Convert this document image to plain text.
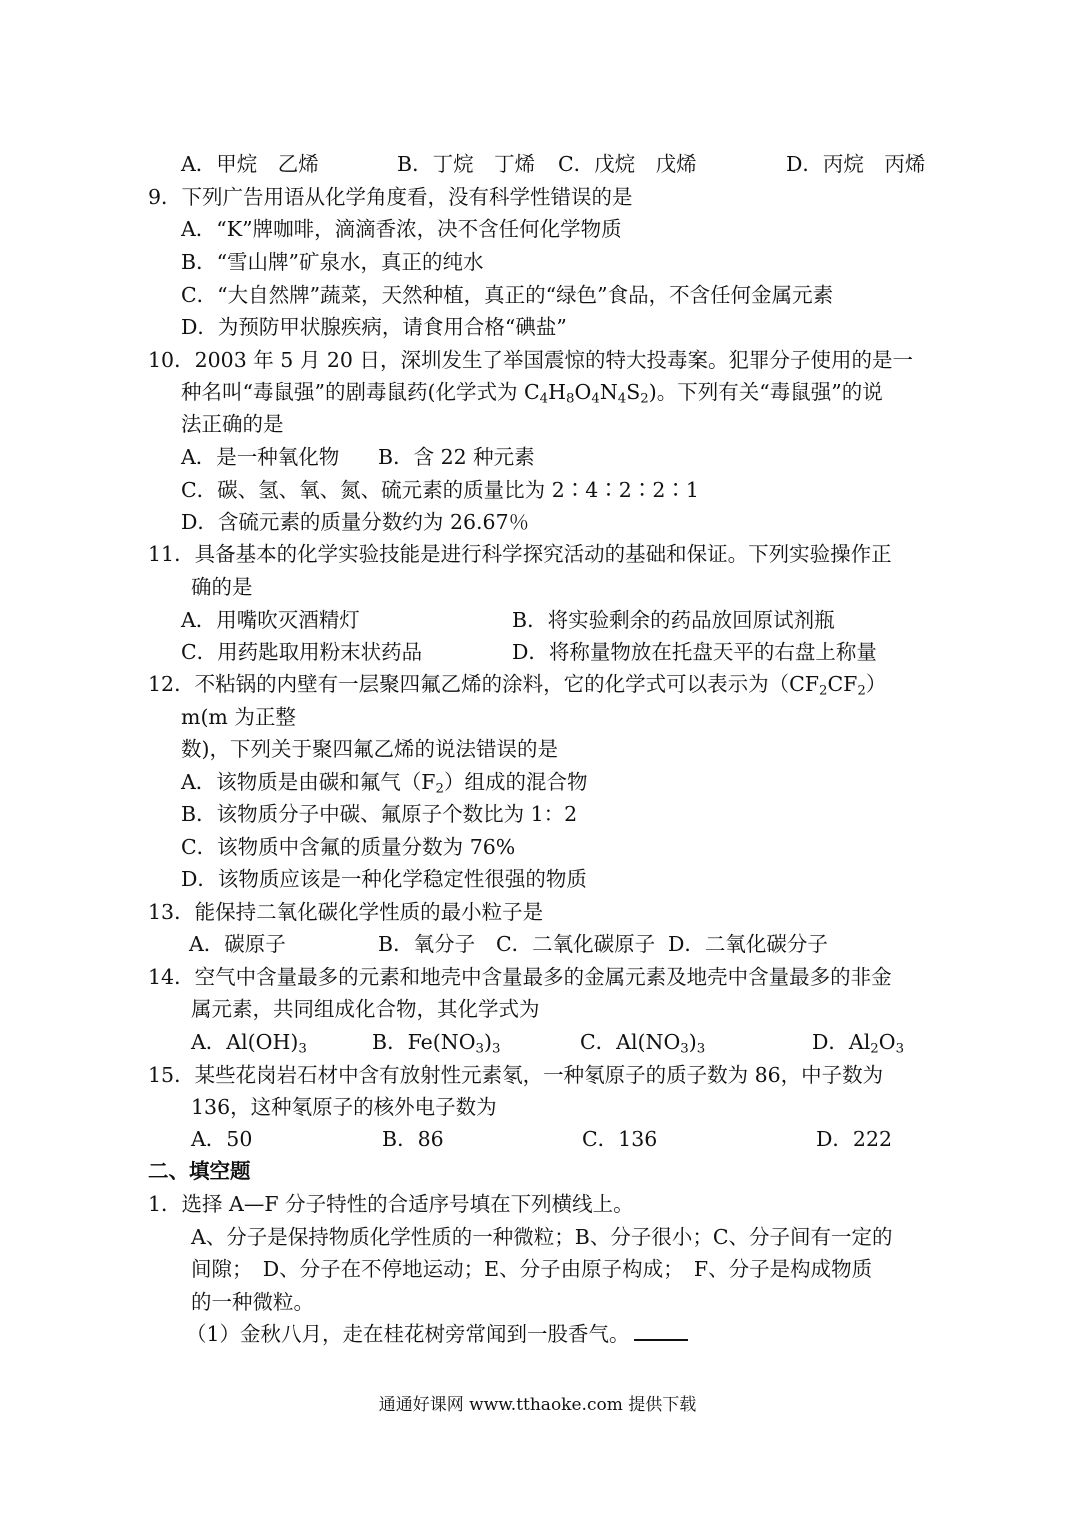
A．甲烷　乙烯	B．丁烷　丁烯 C．戊烷　戊烯	D．丙烷　丙烯
9．下列广告用语从化学角度看，没有科学性错误的是
A．“K”牌咖啡，滴滴香浓，决不含任何化学物质
B．“雪山牌”矿泉水，真正的纯水
C．“大自然牌”蔬菜，天然种植，真正的“绿色”食品，不含任何金属元素
D．为预防甲状腺疾病，请食用合格“碘盐”
10．2003 年 5 月 20 日，深圳发生了举国震惊的特大投毒案。犯罪分子使用的是一
种名叫“毒鼠强”的剧毒鼠药(化学式为 $C_4H_8O_4N_4S_2$)。下列有关“毒鼠强”的说
法正确的是
A．是一种氧化物 B．含 22 种元素
C．碳、氢、氧、氮、硫元素的质量比为 2∶4∶2∶2∶1
D．含硫元素的质量分数约为 26.67％
11．具备基本的化学实验技能是进行科学探究活动的基础和保证。下列实验操作正
确的是
A．用嘴吹灭酒精灯	B．将实验剩余的药品放回原试剂瓶
C．用药匙取用粉末状药品	D．将称量物放在托盘天平的右盘上称量
12．不粘锅的内壁有一层聚四氟乙烯的涂料，它的化学式可以表示为$(CF_2CF_2)$
m(m 为正整
数)，下列关于聚四氟乙烯的说法错误的是
A．该物质是由碳和氟气$(F_2)$组成的混合物
B．该物质分子中碳、氟原子个数比为 1：2
C．该物质中含氟的质量分数为 76%
D．该物质应该是一种化学稳定性很强的物质
13．能保持二氧化碳化学性质的最小粒子是
A．碳原子	B．氧分子 C．二氧化碳原子 D．二氧化碳分子
14．空气中含量最多的元素和地壳中含量最多的金属元素及地壳中含量最多的非金
属元素，共同组成化合物，其化学式为
A．$Al(OH)_3$	B．$Fe(NO_3)_3$	C．$Al(NO_3)_3$	D．$Al_2O_3$
15．某些花岗岩石材中含有放射性元素氡，一种氡原子的质子数为 86，中子数为
136，这种氡原子的核外电子数为
A．50	B．86	C．136	D．222
二、填空题
1．选择 A—F 分子特性的合适序号填在下列横线上。
A、分子是保持物质化学性质的一种微粒；B、分子很小；C、分子间有一定的
间隙；　D、分子在不停地运动；E、分子由原子构成；　F、分子是构成物质
的一种微粒。
（1）金秋八月，走在桂花树旁常闻到一股香气。
通通好课网 www.tthaoke.com 提供下载
